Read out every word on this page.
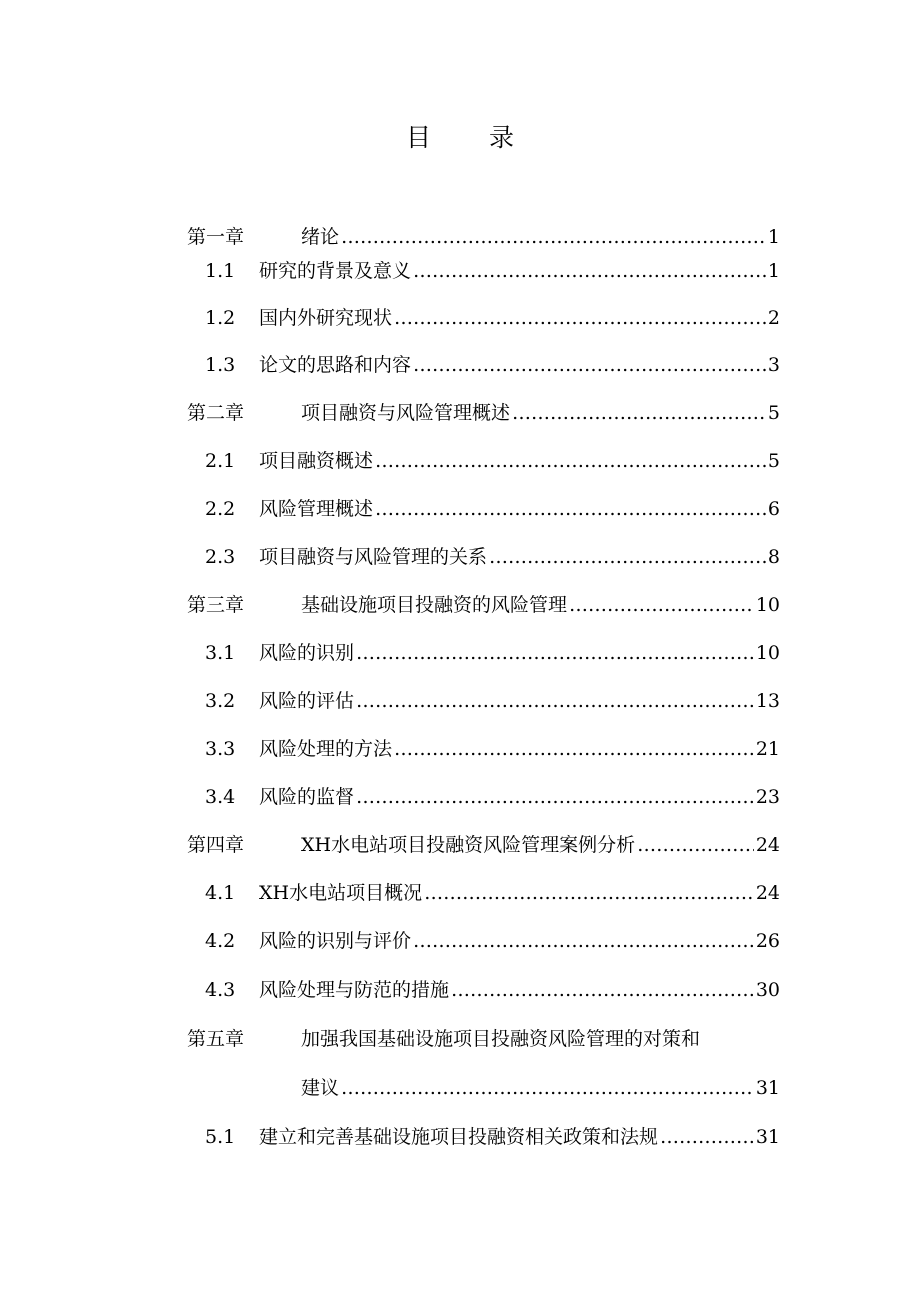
目 录
第一章	绪论 ……………………………………………………………………………………………………………………	1
1.1	研究的背景及意义 ……………………………………………………………………………………………………………………	1
1.2	国内外研究现状 ……………………………………………………………………………………………………………………	2
1.3	论文的思路和内容 ……………………………………………………………………………………………………………………	3
第二章	项目融资与风险管理概述 ……………………………………………………………………………………………………………………	5
2.1	项目融资概述 ……………………………………………………………………………………………………………………	5
2.2	风险管理概述 ……………………………………………………………………………………………………………………	6
2.3	项目融资与风险管理的关系 ……………………………………………………………………………………………………………………	8
第三章	基础设施项目投融资的风险管理 ……………………………………………………………………………………………………………………	10
3.1	风险的识别 ……………………………………………………………………………………………………………………	10
3.2	风险的评估 ……………………………………………………………………………………………………………………	13
3.3	风险处理的方法 ……………………………………………………………………………………………………………………	21
3.4	风险的监督 ……………………………………………………………………………………………………………………	23
第四章	XH水电站项目投融资风险管理案例分析 ……………………………………………………………………………………………………………………	24
4.1	XH水电站项目概况 ……………………………………………………………………………………………………………………	24
4.2	风险的识别与评价 ……………………………………………………………………………………………………………………	26
4.3	风险处理与防范的措施 ……………………………………………………………………………………………………………………	30
第五章	加强我国基础设施项目投融资风险管理的对策和
建议 ……………………………………………………………………………………………………………………	31
5.1	建立和完善基础设施项目投融资相关政策和法规 ……………………………………………………………………………………………………………………	31
